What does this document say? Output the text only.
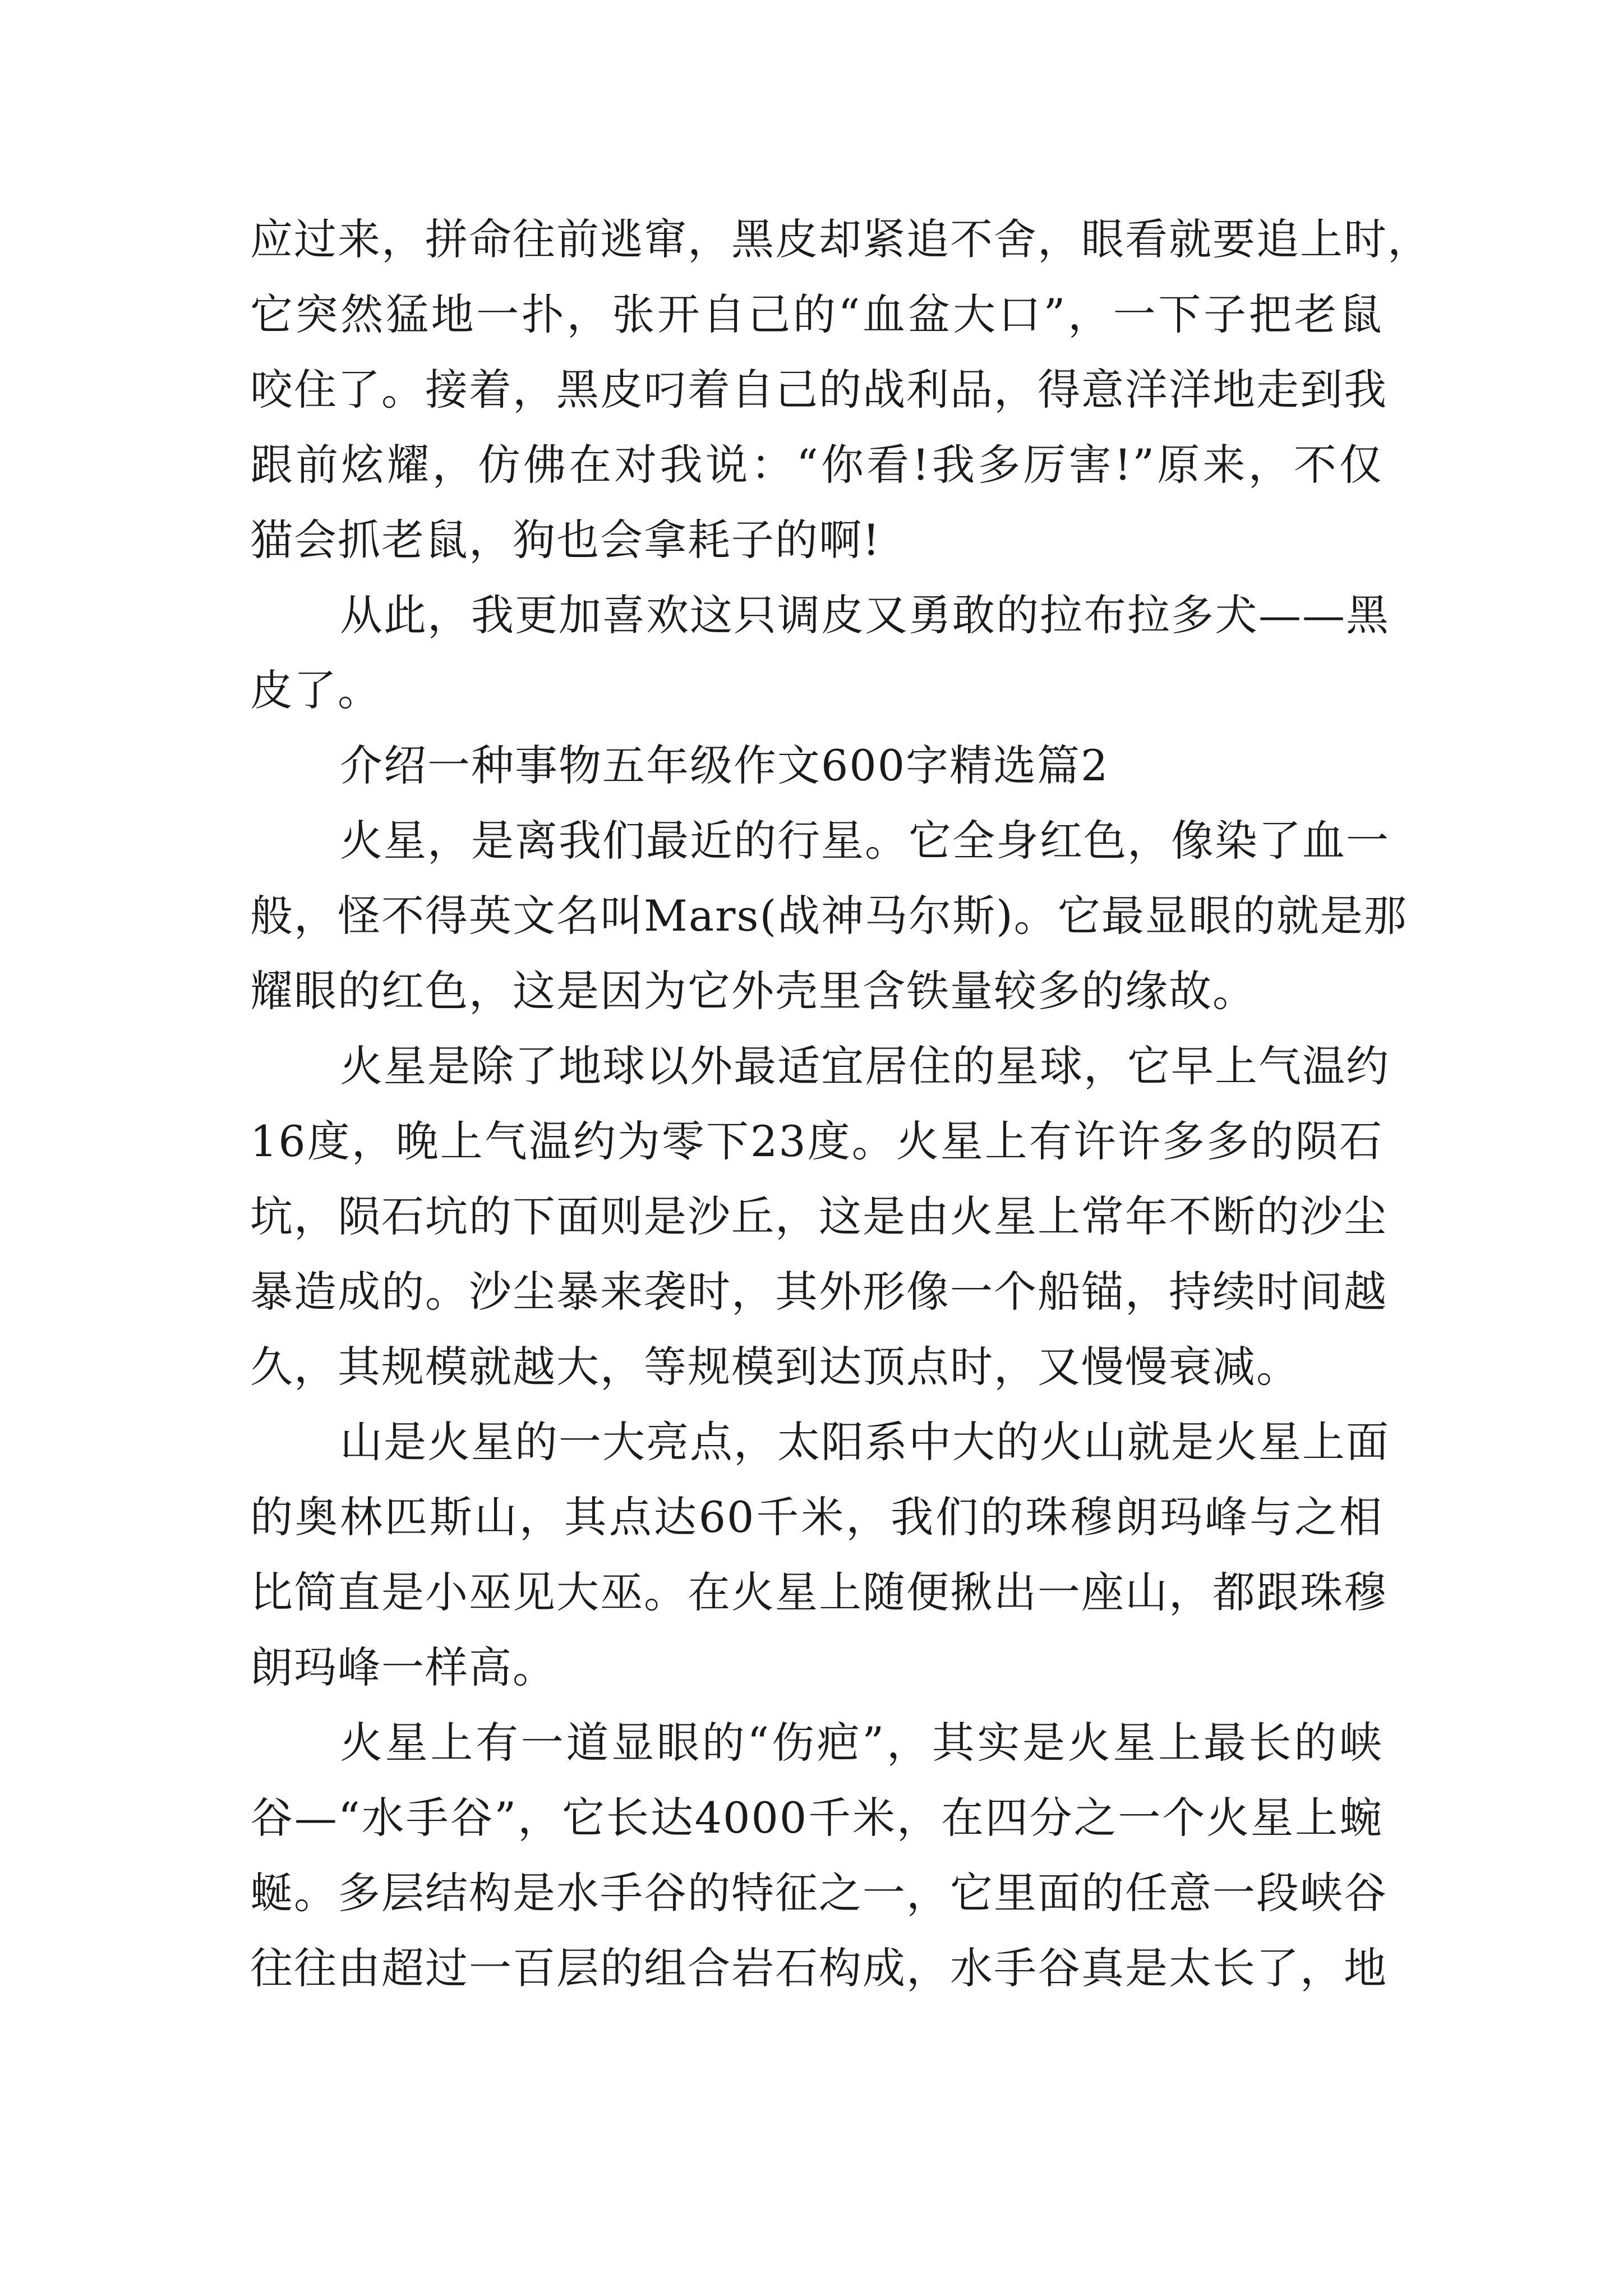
应过来，拼命往前逃窜，黑皮却紧追不舍，眼看就要追上时，
它突然猛地一扑，张开自己的“血盆大口”，一下子把老鼠
咬住了。接着，黑皮叼着自己的战利品，得意洋洋地走到我
跟前炫耀，仿佛在对我说：“你看!我多厉害!”原来，不仅
猫会抓老鼠，狗也会拿耗子的啊!
从此，我更加喜欢这只调皮又勇敢的拉布拉多犬——黑
皮了。
介绍一种事物五年级作文600字精选篇2
火星，是离我们最近的行星。它全身红色，像染了血一
般，怪不得英文名叫Mars(战神马尔斯)。它最显眼的就是那
耀眼的红色，这是因为它外壳里含铁量较多的缘故。
火星是除了地球以外最适宜居住的星球，它早上气温约
16度，晚上气温约为零下23度。火星上有许许多多的陨石
坑，陨石坑的下面则是沙丘，这是由火星上常年不断的沙尘
暴造成的。沙尘暴来袭时，其外形像一个船锚，持续时间越
久，其规模就越大，等规模到达顶点时，又慢慢衰减。
山是火星的一大亮点，太阳系中大的火山就是火星上面
的奥林匹斯山，其点达60千米，我们的珠穆朗玛峰与之相
比简直是小巫见大巫。在火星上随便揪出一座山，都跟珠穆
朗玛峰一样高。
火星上有一道显眼的“伤疤”，其实是火星上最长的峡
谷—“水手谷”，它长达4000千米，在四分之一个火星上蜿
蜒。多层结构是水手谷的特征之一，它里面的任意一段峡谷
往往由超过一百层的组合岩石构成，水手谷真是太长了，地
